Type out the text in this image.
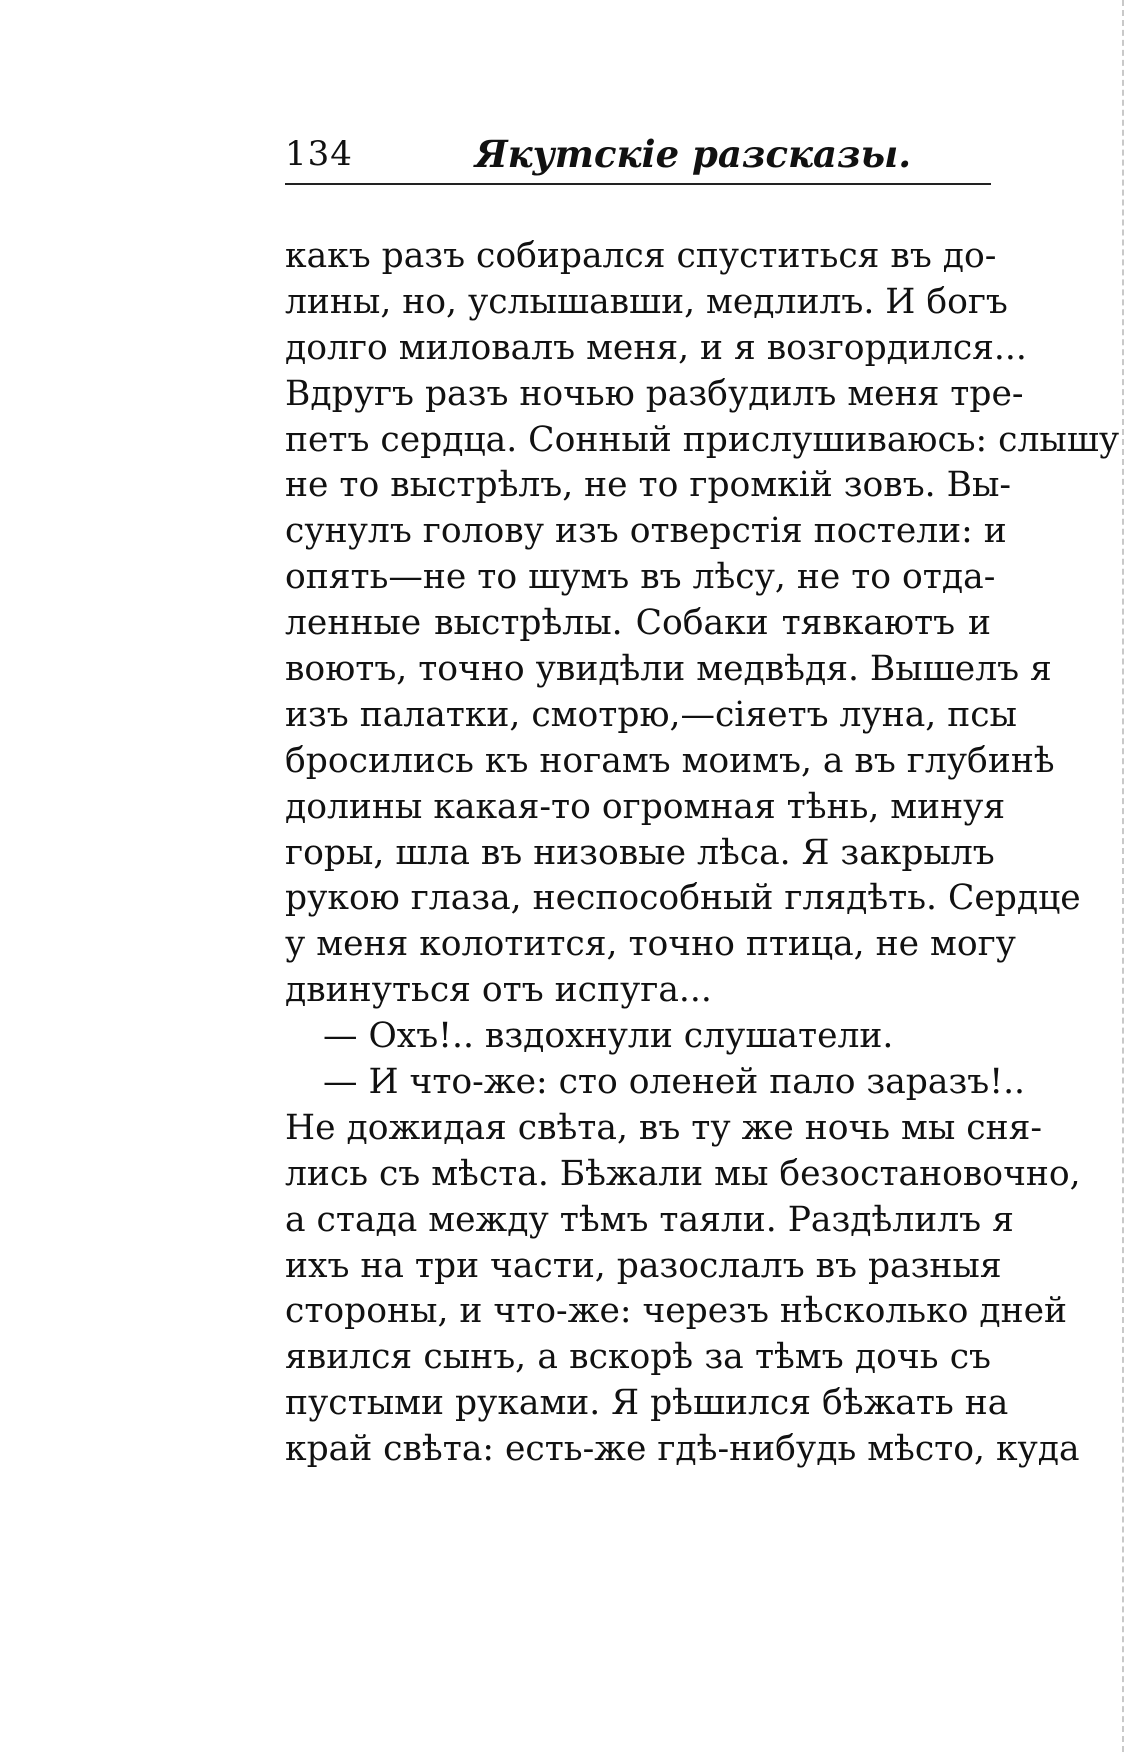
134	Якутскіе разсказы.
какъ разъ собирался спуститься въ до-
лины, но, услышавши, медлилъ. И богъ
долго миловалъ меня, и я возгордился...
Вдругъ разъ ночью разбудилъ меня тре-
петъ сердца. Сонный прислушиваюсь: слышу
не то выстрѣлъ, не то громкій зовъ. Вы-
сунулъ голову изъ отверстія постели: и
опять—не то шумъ въ лѣсу, не то отда-
ленные выстрѣлы. Собаки тявкаютъ и
воютъ, точно увидѣли медвѣдя. Вышелъ я
изъ палатки, смотрю,—сіяетъ луна, псы
бросились къ ногамъ моимъ, а въ глубинѣ
долины какая-то огромная тѣнь, минуя
горы, шла въ низовые лѣса. Я закрылъ
рукою глаза, неспособный глядѣть. Сердце
у меня колотится, точно птица, не могу
двинуться отъ испуга...
— Охъ!.. вздохнули слушатели.
— И что-же: сто оленей пало заразъ!..
Не дожидая свѣта, въ ту же ночь мы сня-
лись съ мѣста. Бѣжали мы безостановочно,
а стада между тѣмъ таяли. Раздѣлилъ я
ихъ на три части, разослалъ въ разныя
стороны, и что-же: черезъ нѣсколько дней
явился сынъ, а вскорѣ за тѣмъ дочь съ
пустыми руками. Я рѣшился бѣжать на
край свѣта: есть-же гдѣ-нибудь мѣсто, куда
